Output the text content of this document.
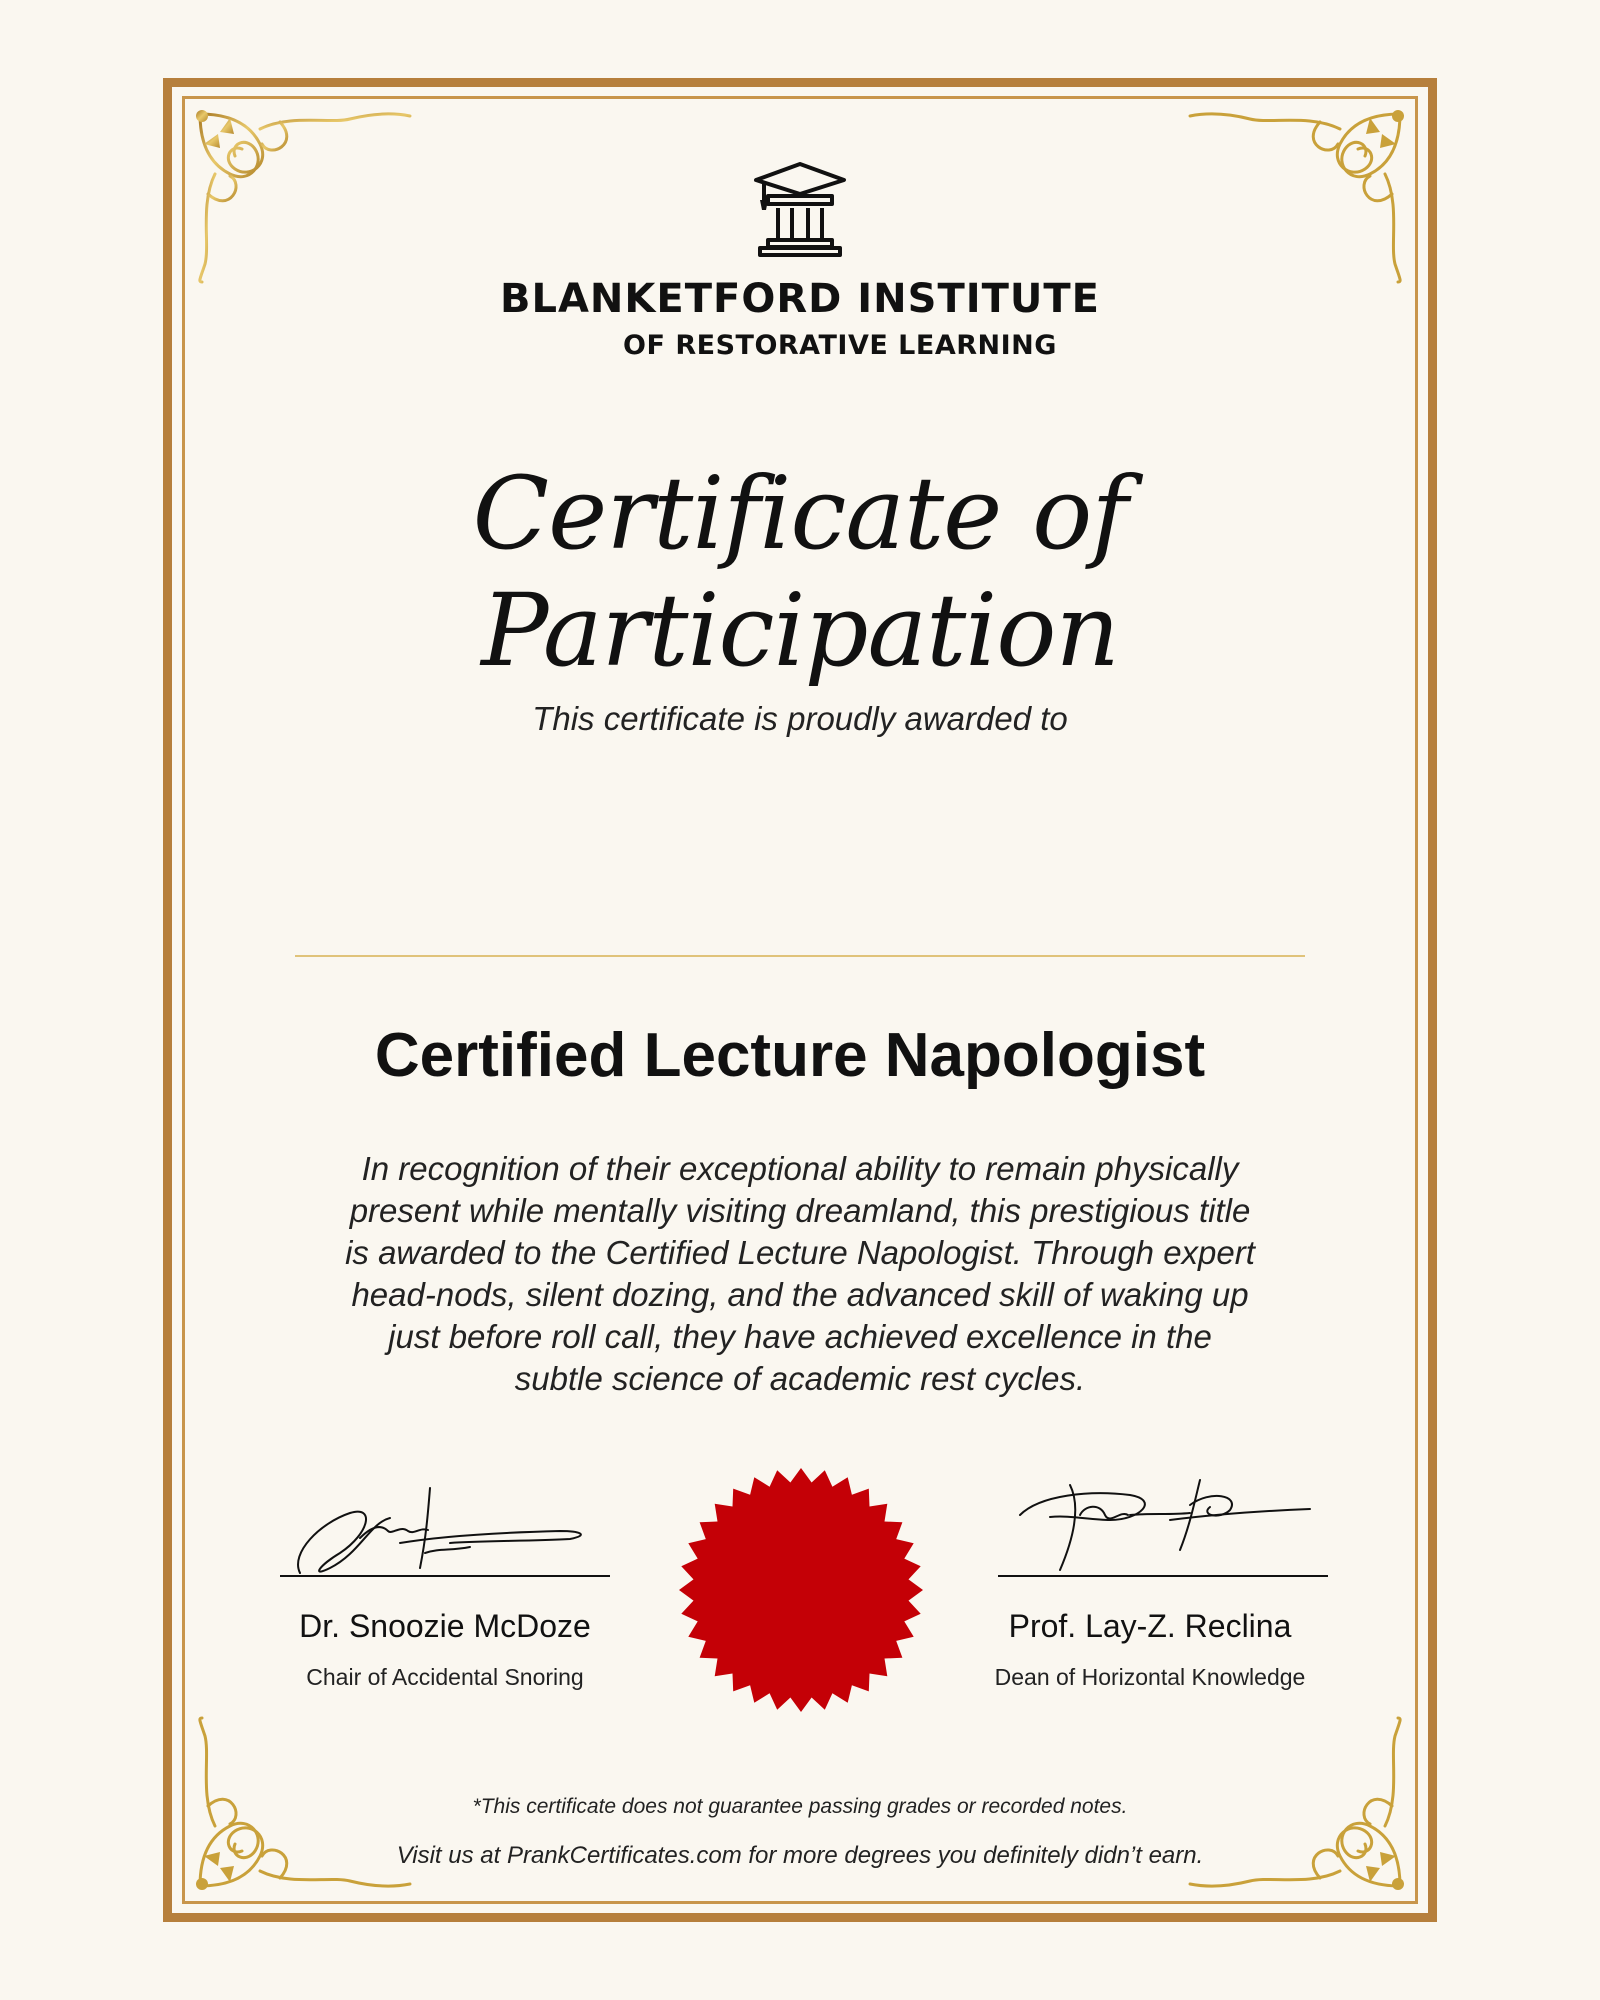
BLANKETFORD INSTITUTE
OF RESTORATIVE LEARNING
Certificate of Participation
This certificate is proudly awarded to
Certified Lecture Napologist
In recognition of their exceptional ability to remain physically present while mentally visiting dreamland, this prestigious title is awarded to the Certified Lecture Napologist. Through expert head-nods, silent dozing, and the advanced skill of waking up just before roll call, they have achieved excellence in the subtle science of academic rest cycles.
Dr. Snoozie McDoze
Chair of Accidental Snoring
Prof. Lay-Z. Reclina
Dean of Horizontal Knowledge
*This certificate does not guarantee passing grades or recorded notes.
Visit us at PrankCertificates.com for more degrees you definitely didn’t earn.
